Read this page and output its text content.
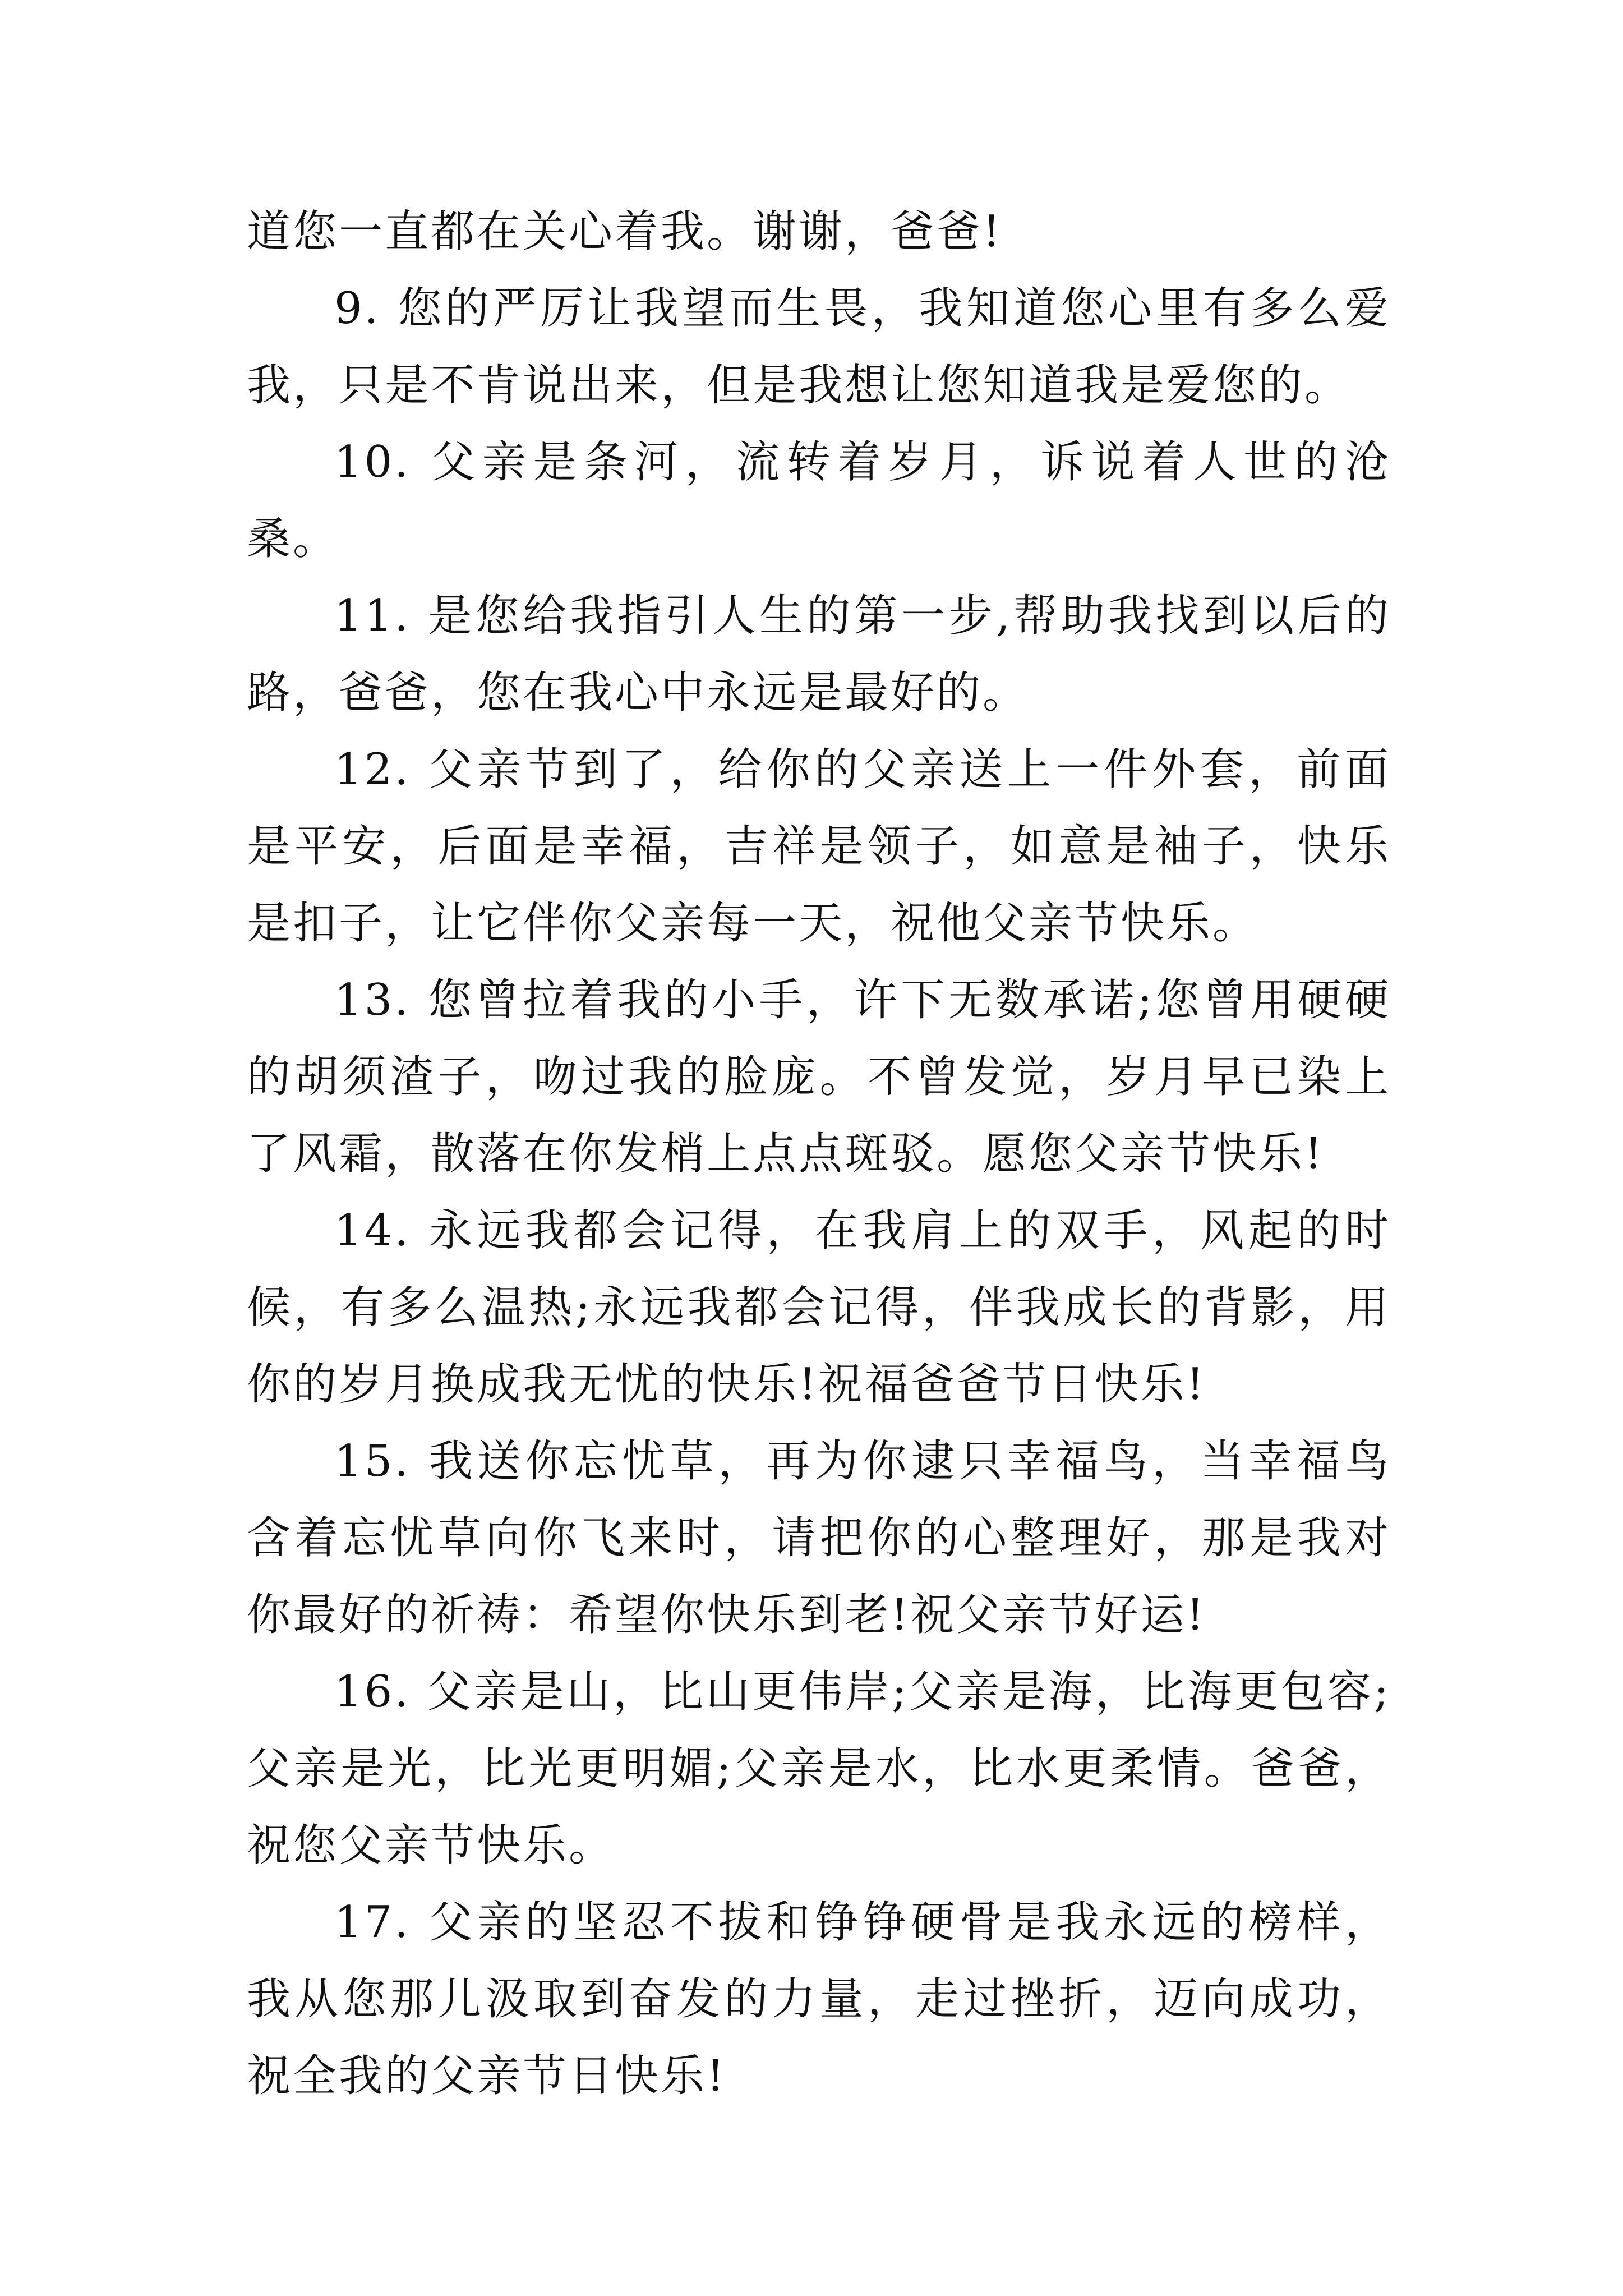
道您一直都在关心着我。谢谢，爸爸!

9. 您的严厉让我望而生畏，我知道您心里有多么爱我，只是不肯说出来，但是我想让您知道我是爱您的。

10. 父亲是条河，流转着岁月，诉说着人世的沧桑。

11. 是您给我指引人生的第一步,帮助我找到以后的路，爸爸，您在我心中永远是最好的。

12. 父亲节到了，给你的父亲送上一件外套，前面是平安，后面是幸福，吉祥是领子，如意是袖子，快乐是扣子，让它伴你父亲每一天，祝他父亲节快乐。

13. 您曾拉着我的小手，许下无数承诺;您曾用硬硬的胡须渣子，吻过我的脸庞。不曾发觉，岁月早已染上了风霜，散落在你发梢上点点斑驳。愿您父亲节快乐!

14. 永远我都会记得，在我肩上的双手，风起的时候，有多么温热;永远我都会记得，伴我成长的背影，用你的岁月换成我无忧的快乐!祝福爸爸节日快乐!

15. 我送你忘忧草，再为你逮只幸福鸟，当幸福鸟含着忘忧草向你飞来时，请把你的心整理好，那是我对你最好的祈祷：希望你快乐到老!祝父亲节好运!

16. 父亲是山，比山更伟岸;父亲是海，比海更包容;父亲是光，比光更明媚;父亲是水，比水更柔情。爸爸，祝您父亲节快乐。

17. 父亲的坚忍不拔和铮铮硬骨是我永远的榜样，我从您那儿汲取到奋发的力量，走过挫折，迈向成功，祝全我的父亲节日快乐!
